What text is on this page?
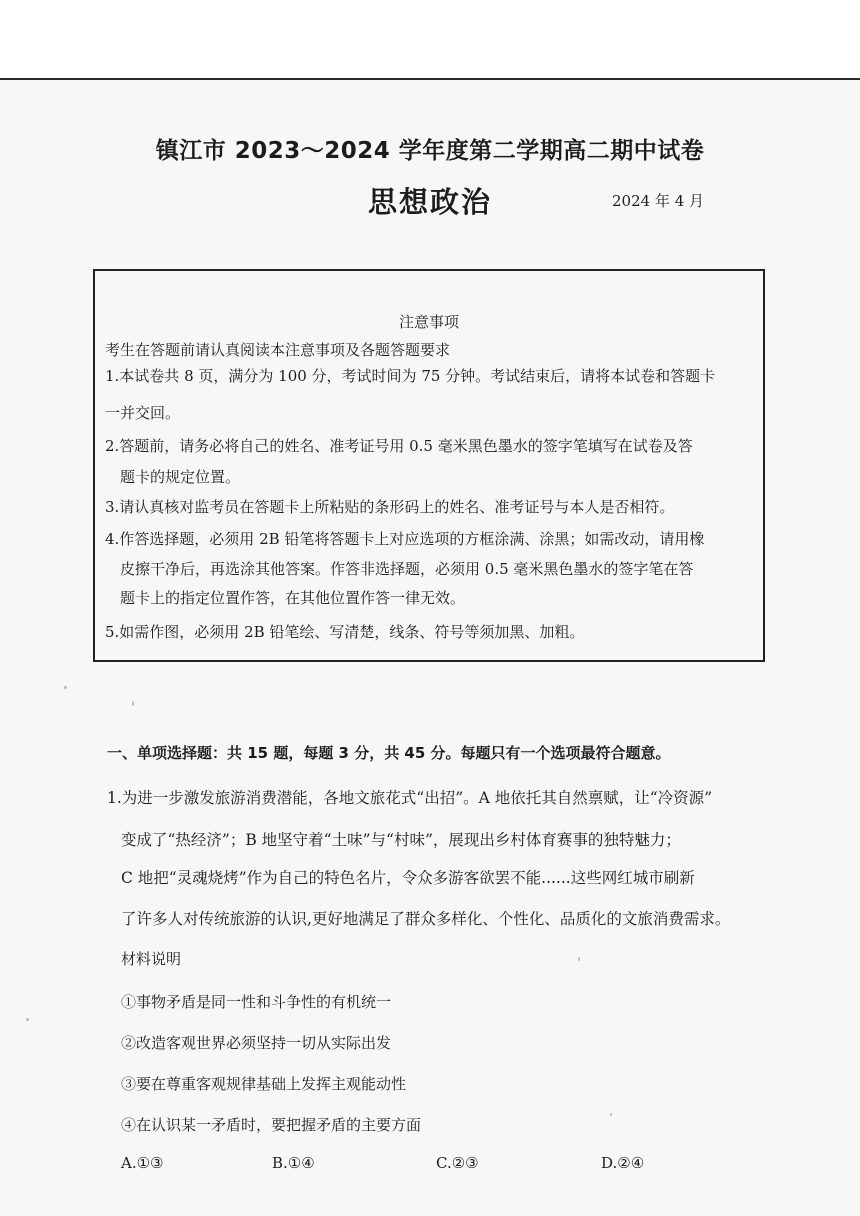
镇江市 2023～2024 学年度第二学期高二期中试卷
思想政治	2024 年 4 月
注意事项
考生在答题前请认真阅读本注意事项及各题答题要求
1.本试卷共 8 页，满分为 100 分，考试时间为 75 分钟。考试结束后，请将本试卷和答题卡
一并交回。
2.答题前，请务必将自己的姓名、准考证号用 0.5 毫米黑色墨水的签字笔填写在试卷及答
题卡的规定位置。
3.请认真核对监考员在答题卡上所粘贴的条形码上的姓名、准考证号与本人是否相符。
4.作答选择题，必须用 2B 铅笔将答题卡上对应选项的方框涂满、涂黑；如需改动，请用橡
皮擦干净后，再选涂其他答案。作答非选择题，必须用 0.5 毫米黑色墨水的签字笔在答
题卡上的指定位置作答，在其他位置作答一律无效。
5.如需作图，必须用 2B 铅笔绘、写清楚，线条、符号等须加黑、加粗。
一、单项选择题：共 15 题，每题 3 分，共 45 分。每题只有一个选项最符合题意。
1.为进一步激发旅游消费潜能，各地文旅花式“出招”。A 地依托其自然禀赋，让“冷资源”
变成了“热经济”；B 地坚守着“土味”与“村味”，展现出乡村体育赛事的独特魅力；
C 地把“灵魂烧烤”作为自己的特色名片，令众多游客欲罢不能......这些网红城市刷新
了许多人对传统旅游的认识,更好地满足了群众多样化、个性化、品质化的文旅消费需求。
材料说明
①事物矛盾是同一性和斗争性的有机统一
②改造客观世界必须坚持一切从实际出发
③要在尊重客观规律基础上发挥主观能动性
④在认识某一矛盾时，要把握矛盾的主要方面
A.①③	B.①④	C.②③	D.②④
